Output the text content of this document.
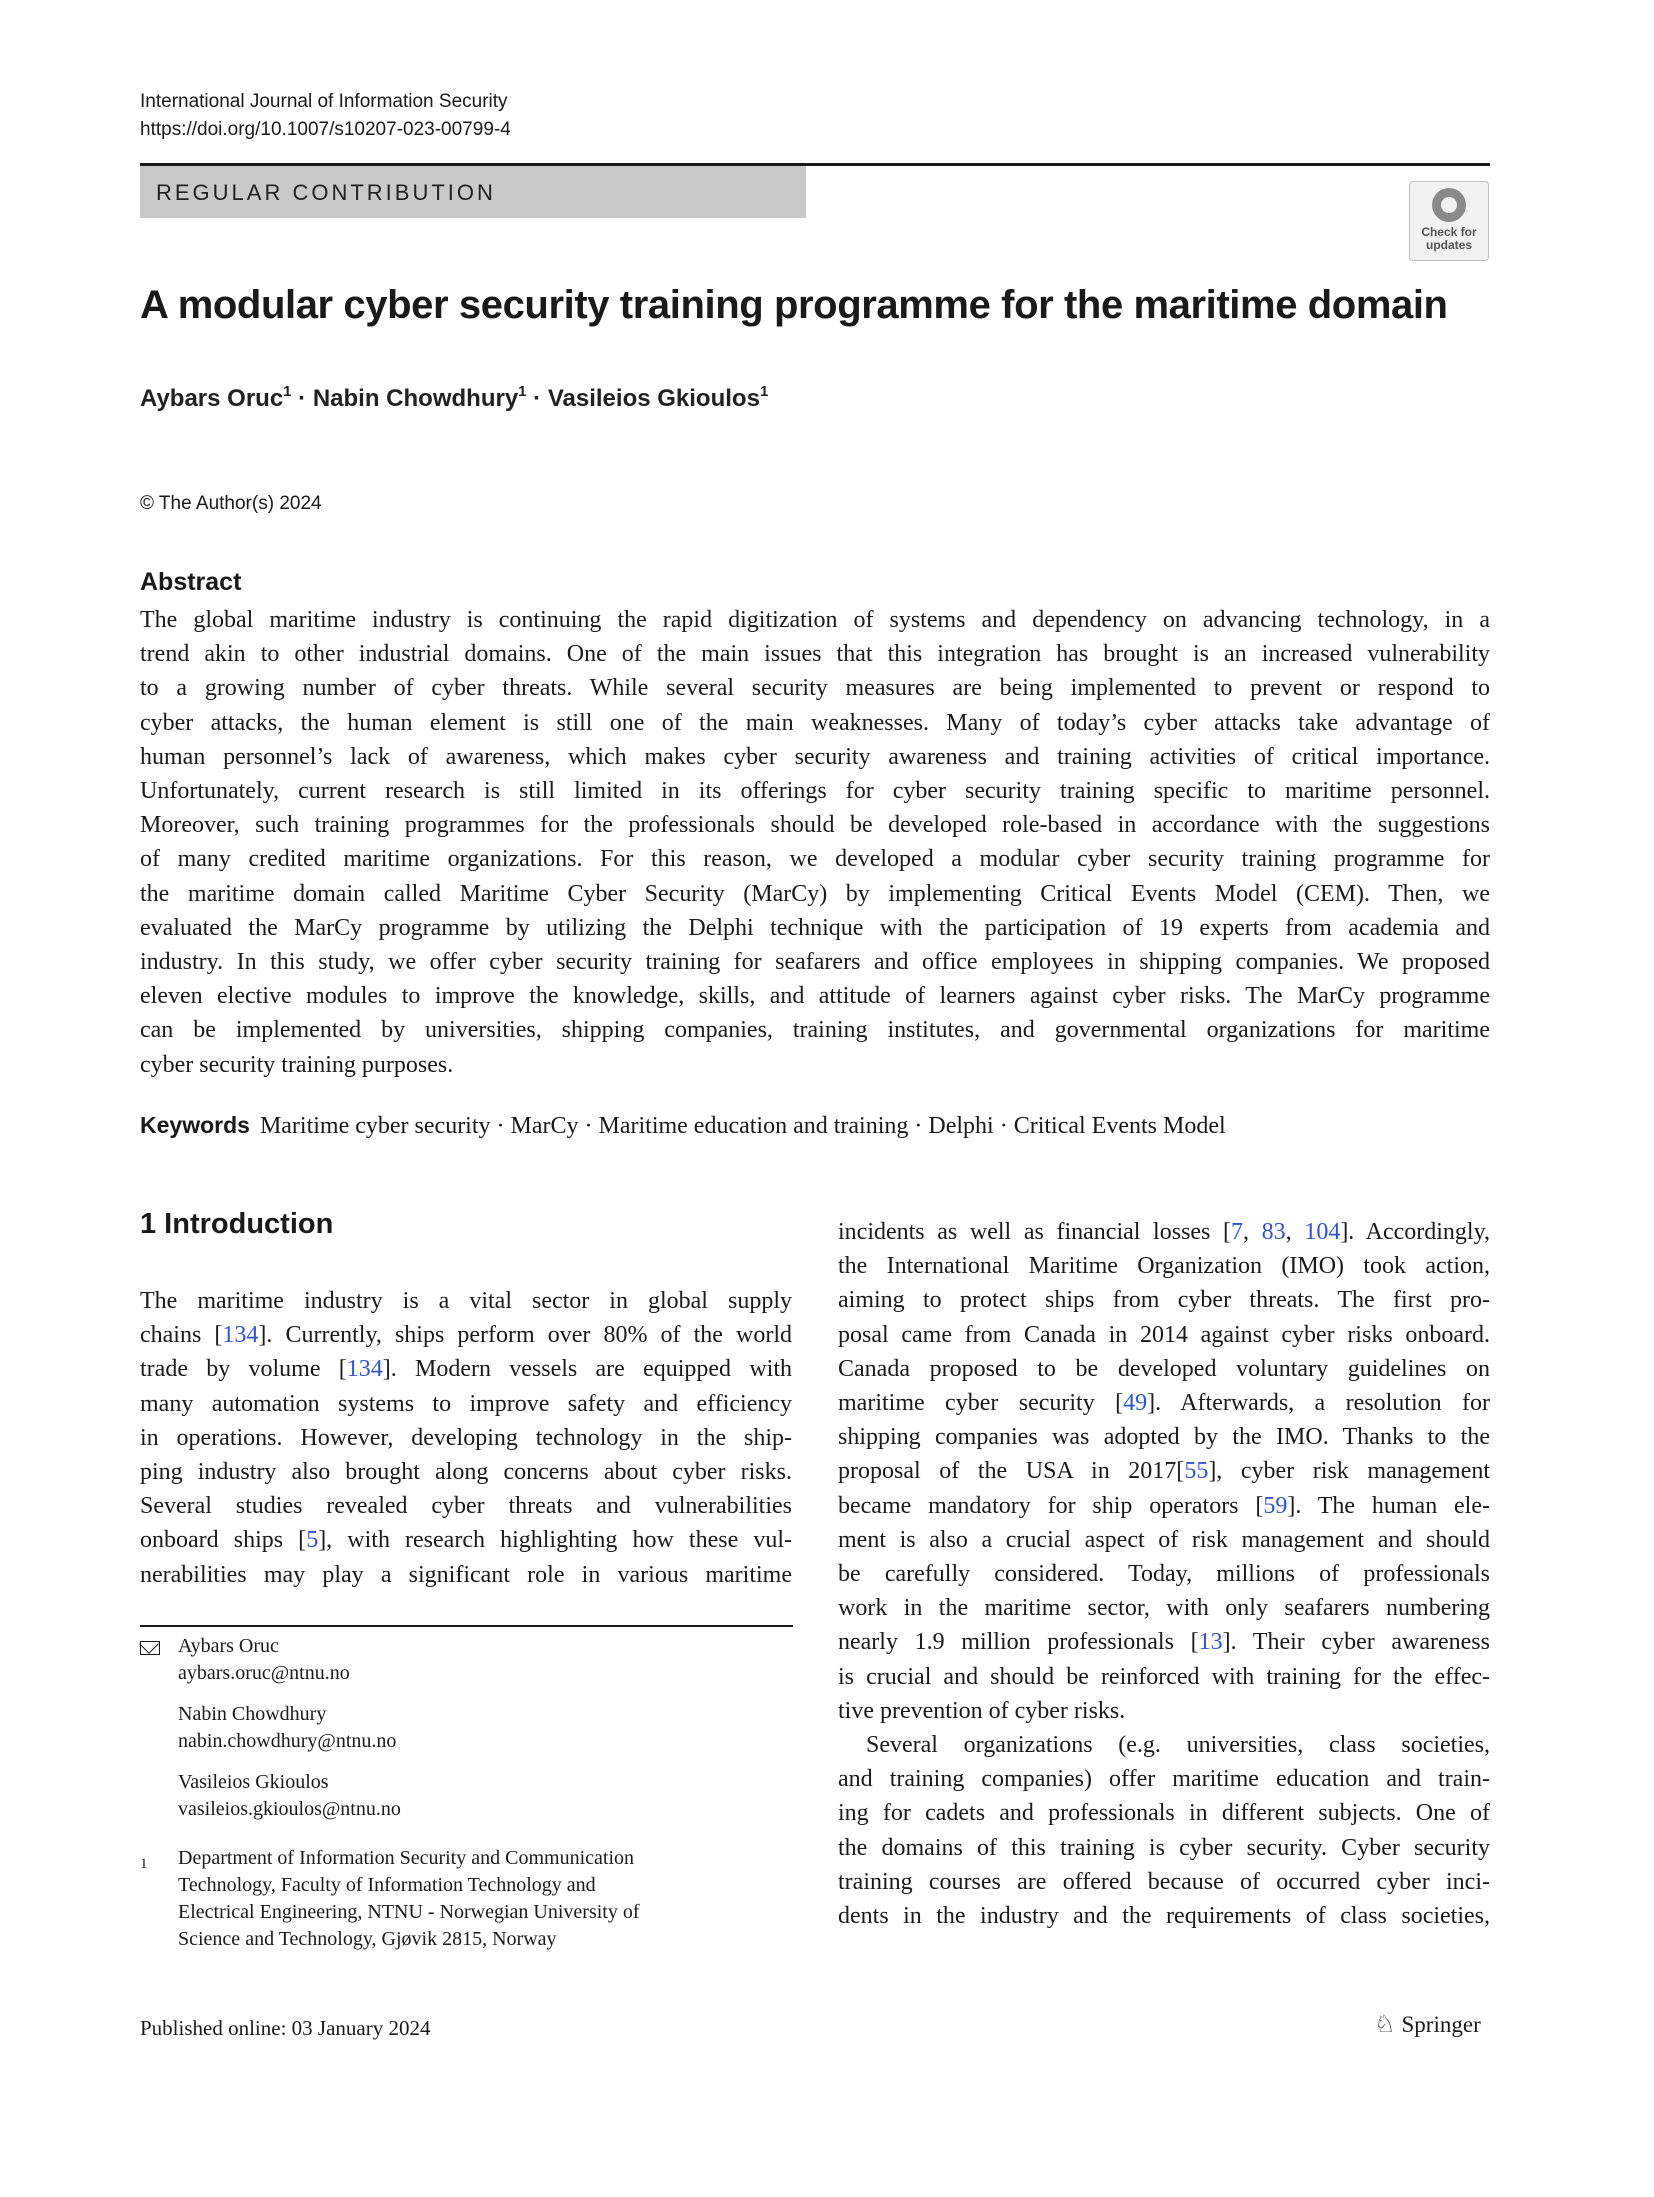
International Journal of Information Security
https://doi.org/10.1007/s10207-023-00799-4
REGULAR CONTRIBUTION
Check for updates
A modular cyber security training programme for the maritime domain
Aybars Oruc$^1$ · Nabin Chowdhury$^1$ · Vasileios Gkioulos$^1$
© The Author(s) 2024
Abstract
The global maritime industry is continuing the rapid digitization of systems and dependency on advancing technology, in a
trend akin to other industrial domains. One of the main issues that this integration has brought is an increased vulnerability
to a growing number of cyber threats. While several security measures are being implemented to prevent or respond to
cyber attacks, the human element is still one of the main weaknesses. Many of today’s cyber attacks take advantage of
human personnel’s lack of awareness, which makes cyber security awareness and training activities of critical importance.
Unfortunately, current research is still limited in its offerings for cyber security training specific to maritime personnel.
Moreover, such training programmes for the professionals should be developed role-based in accordance with the suggestions
of many credited maritime organizations. For this reason, we developed a modular cyber security training programme for
the maritime domain called Maritime Cyber Security (MarCy) by implementing Critical Events Model (CEM). Then, we
evaluated the MarCy programme by utilizing the Delphi technique with the participation of 19 experts from academia and
industry. In this study, we offer cyber security training for seafarers and office employees in shipping companies. We proposed
eleven elective modules to improve the knowledge, skills, and attitude of learners against cyber risks. The MarCy programme
can be implemented by universities, shipping companies, training institutes, and governmental organizations for maritime
cyber security training purposes.
Keywords Maritime cyber security · MarCy · Maritime education and training · Delphi · Critical Events Model
1 Introduction
The maritime industry is a vital sector in global supply
chains [134]. Currently, ships perform over 80% of the world
trade by volume [134]. Modern vessels are equipped with
many automation systems to improve safety and efficiency
in operations. However, developing technology in the ship-
ping industry also brought along concerns about cyber risks.
Several studies revealed cyber threats and vulnerabilities
onboard ships [5], with research highlighting how these vul-
nerabilities may play a significant role in various maritime
incidents as well as financial losses [7, 83, 104]. Accordingly,
the International Maritime Organization (IMO) took action,
aiming to protect ships from cyber threats. The first pro-
posal came from Canada in 2014 against cyber risks onboard.
Canada proposed to be developed voluntary guidelines on
maritime cyber security [49]. Afterwards, a resolution for
shipping companies was adopted by the IMO. Thanks to the
proposal of the USA in 2017[55], cyber risk management
became mandatory for ship operators [59]. The human ele-
ment is also a crucial aspect of risk management and should
be carefully considered. Today, millions of professionals
work in the maritime sector, with only seafarers numbering
nearly 1.9 million professionals [13]. Their cyber awareness
is crucial and should be reinforced with training for the effec-
tive prevention of cyber risks.
Several organizations (e.g. universities, class societies,
and training companies) offer maritime education and train-
ing for cadets and professionals in different subjects. One of
the domains of this training is cyber security. Cyber security
training courses are offered because of occurred cyber inci-
dents in the industry and the requirements of class societies,
Aybars Oruc
aybars.oruc@ntnu.no
Nabin Chowdhury
nabin.chowdhury@ntnu.no
Vasileios Gkioulos
vasileios.gkioulos@ntnu.no
1 Department of Information Security and Communication
Technology, Faculty of Information Technology and
Electrical Engineering, NTNU - Norwegian University of
Science and Technology, Gjøvik 2815, Norway
Published online: 03 January 2024	♘ Springer
